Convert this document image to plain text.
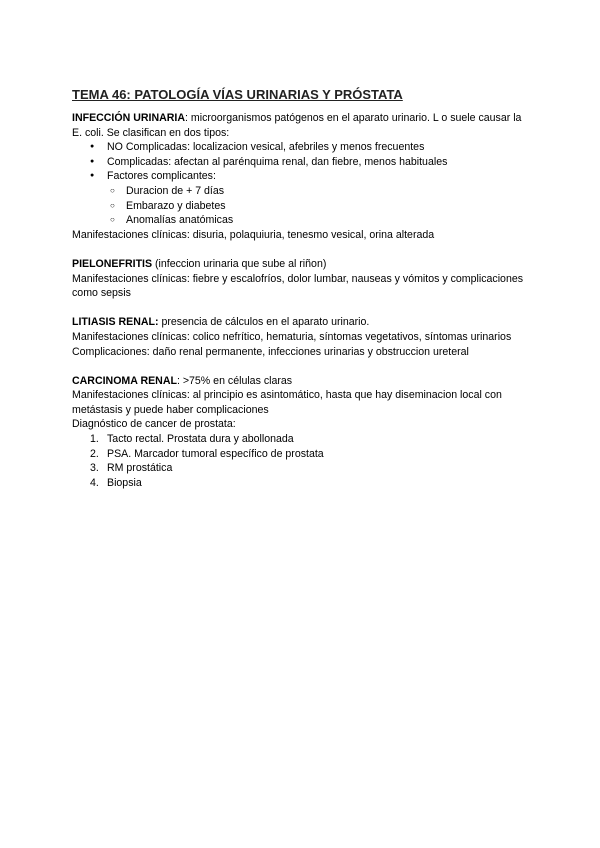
TEMA 46: PATOLOGÍA VÍAS URINARIAS Y PRÓSTATA

INFECCIÓN URINARIA: microorganismos patógenos en el aparato urinario. L o suele causar la E. coli. Se clasifican en dos tipos:

● NO Complicadas: localizacion vesical, afebriles y menos frecuentes
● Complicadas: afectan al parénquima renal, dan fiebre, menos habituales
● Factores complicantes:
○ Duracion de + 7 días
○ Embarazo y diabetes
○ Anomalías anatómicas

Manifestaciones clínicas: disuria, polaquiuria, tenesmo vesical, orina alterada

PIELONEFRITIS (infeccion urinaria que sube al riñon)

Manifestaciones clínicas: fiebre y escalofríos, dolor lumbar, nauseas y vómitos y complicaciones como sepsis

LITIASIS RENAL: presencia de cálculos en el aparato urinario.

Manifestaciones clínicas: colico nefrítico, hematuria, síntomas vegetativos, síntomas urinarios

Complicaciones: daño renal permanente, infecciones urinarias y obstruccion ureteral

CARCINOMA RENAL: >75% en células claras

Manifestaciones clínicas: al principio es asintomático, hasta que hay diseminacion local con metástasis y puede haber complicaciones

Diagnóstico de cancer de prostata:

1. Tacto rectal. Prostata dura y abollonada
2. PSA. Marcador tumoral específico de prostata
3. RM prostática
4. Biopsia
